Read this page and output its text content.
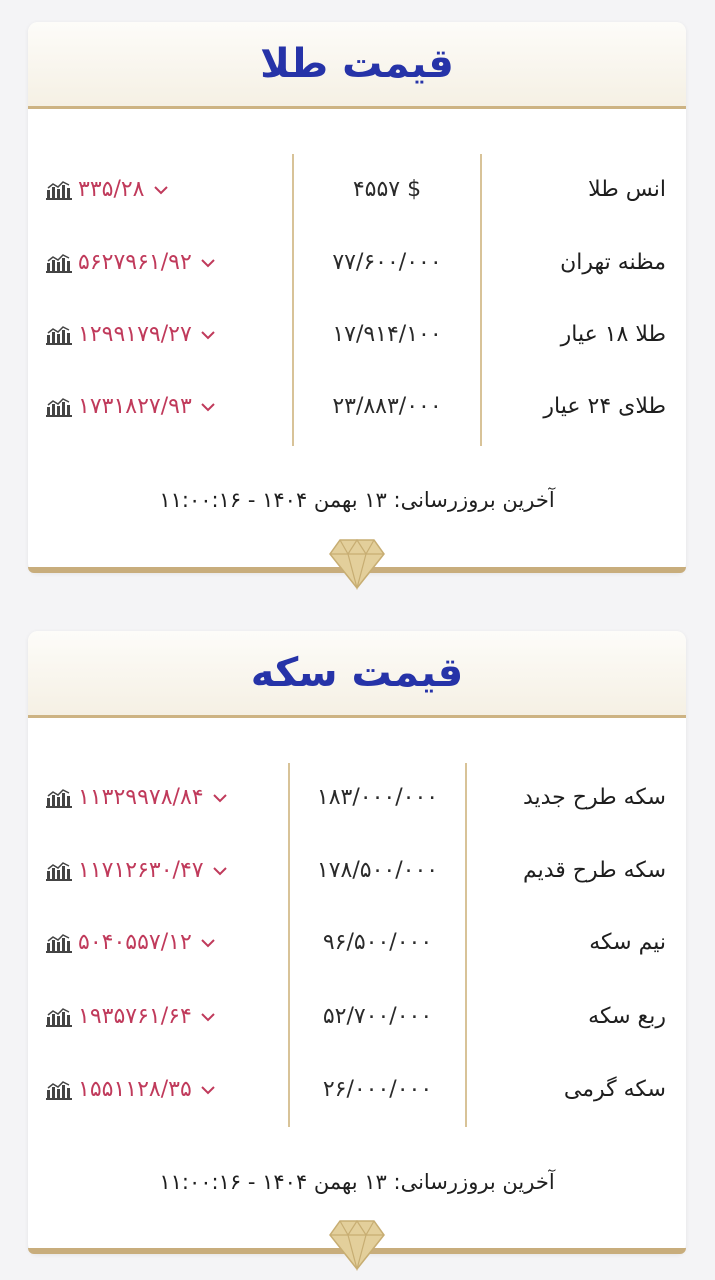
قیمت طلا
انس طلا
۴۵۵۷ $
۳۳۵/۲۸
مظنه تهران
۷۷/۶۰۰/۰۰۰
۵۶۲۷۹۶۱/۹۲
طلا ۱۸ عیار
۱۷/۹۱۴/۱۰۰
۱۲۹۹۱۷۹/۲۷
طلای ۲۴ عیار
۲۳/۸۸۳/۰۰۰
۱۷۳۱۸۲۷/۹۳
۱۱:۰۰:۱۶ - آخرین بروزرسانی: ۱۳ بهمن ۱۴۰۴
قیمت سکه
سکه طرح جدید
۱۸۳/۰۰۰/۰۰۰
۱۱۳۲۹۹۷۸/۸۴
سکه طرح قدیم
۱۷۸/۵۰۰/۰۰۰
۱۱۷۱۲۶۳۰/۴۷
نیم سکه
۹۶/۵۰۰/۰۰۰
۵۰۴۰۵۵۷/۱۲
ربع سکه
۵۲/۷۰۰/۰۰۰
۱۹۳۵۷۶۱/۶۴
سکه گرمی
۲۶/۰۰۰/۰۰۰
۱۵۵۱۱۲۸/۳۵
۱۱:۰۰:۱۶ - آخرین بروزرسانی: ۱۳ بهمن ۱۴۰۴
